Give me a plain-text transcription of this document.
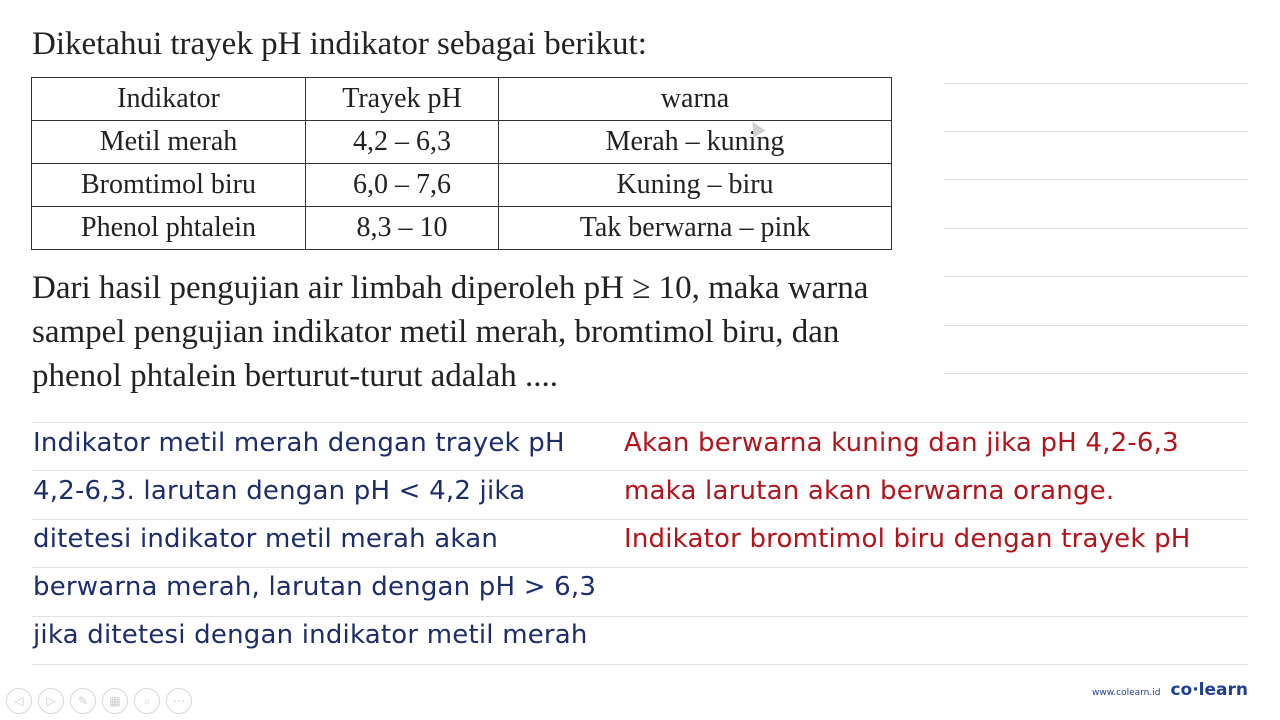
Diketahui trayek pH indikator sebagai berikut:
Indikator	Trayek pH	warna
Metil merah	4,2 – 6,3	Merah – kuning
Bromtimol biru	6,0 – 7,6	Kuning – biru
Phenol phtalein	8,3 – 10	Tak berwarna – pink
Dari hasil pengujian air limbah diperoleh pH ≥ 10, maka warna
sampel pengujian indikator metil merah, bromtimol biru, dan
phenol phtalein berturut-turut adalah ....
Indikator metil merah dengan trayek pH
4,2-6,3. larutan dengan pH < 4,2 jika
ditetesi indikator metil merah akan
berwarna merah, larutan dengan pH > 6,3
jika ditetesi dengan indikator metil merah
Akan berwarna kuning dan jika pH 4,2-6,3
maka larutan akan berwarna orange.
Indikator bromtimol biru dengan trayek pH
◁	▷	✎	▦	⌕	⋯
www.colearn.id co·learn
